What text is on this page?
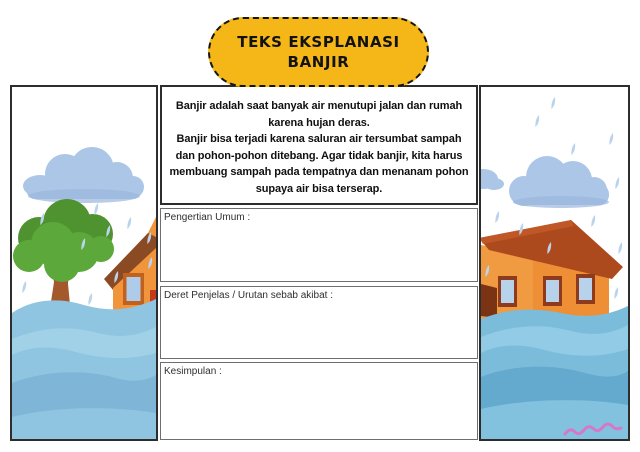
TEKS EKSPLANASI
BANJIR

Banjir adalah saat banyak air menutupi jalan dan rumah karena hujan deras.

Banjir bisa terjadi karena saluran air tersumbat sampah dan pohon-pohon ditebang. Agar tidak banjir, kita harus membuang sampah pada tempatnya dan menanam pohon supaya air bisa terserap.

Pengertian Umum :
Deret Penjelas / Urutan sebab akibat :
Kesimpulan :
